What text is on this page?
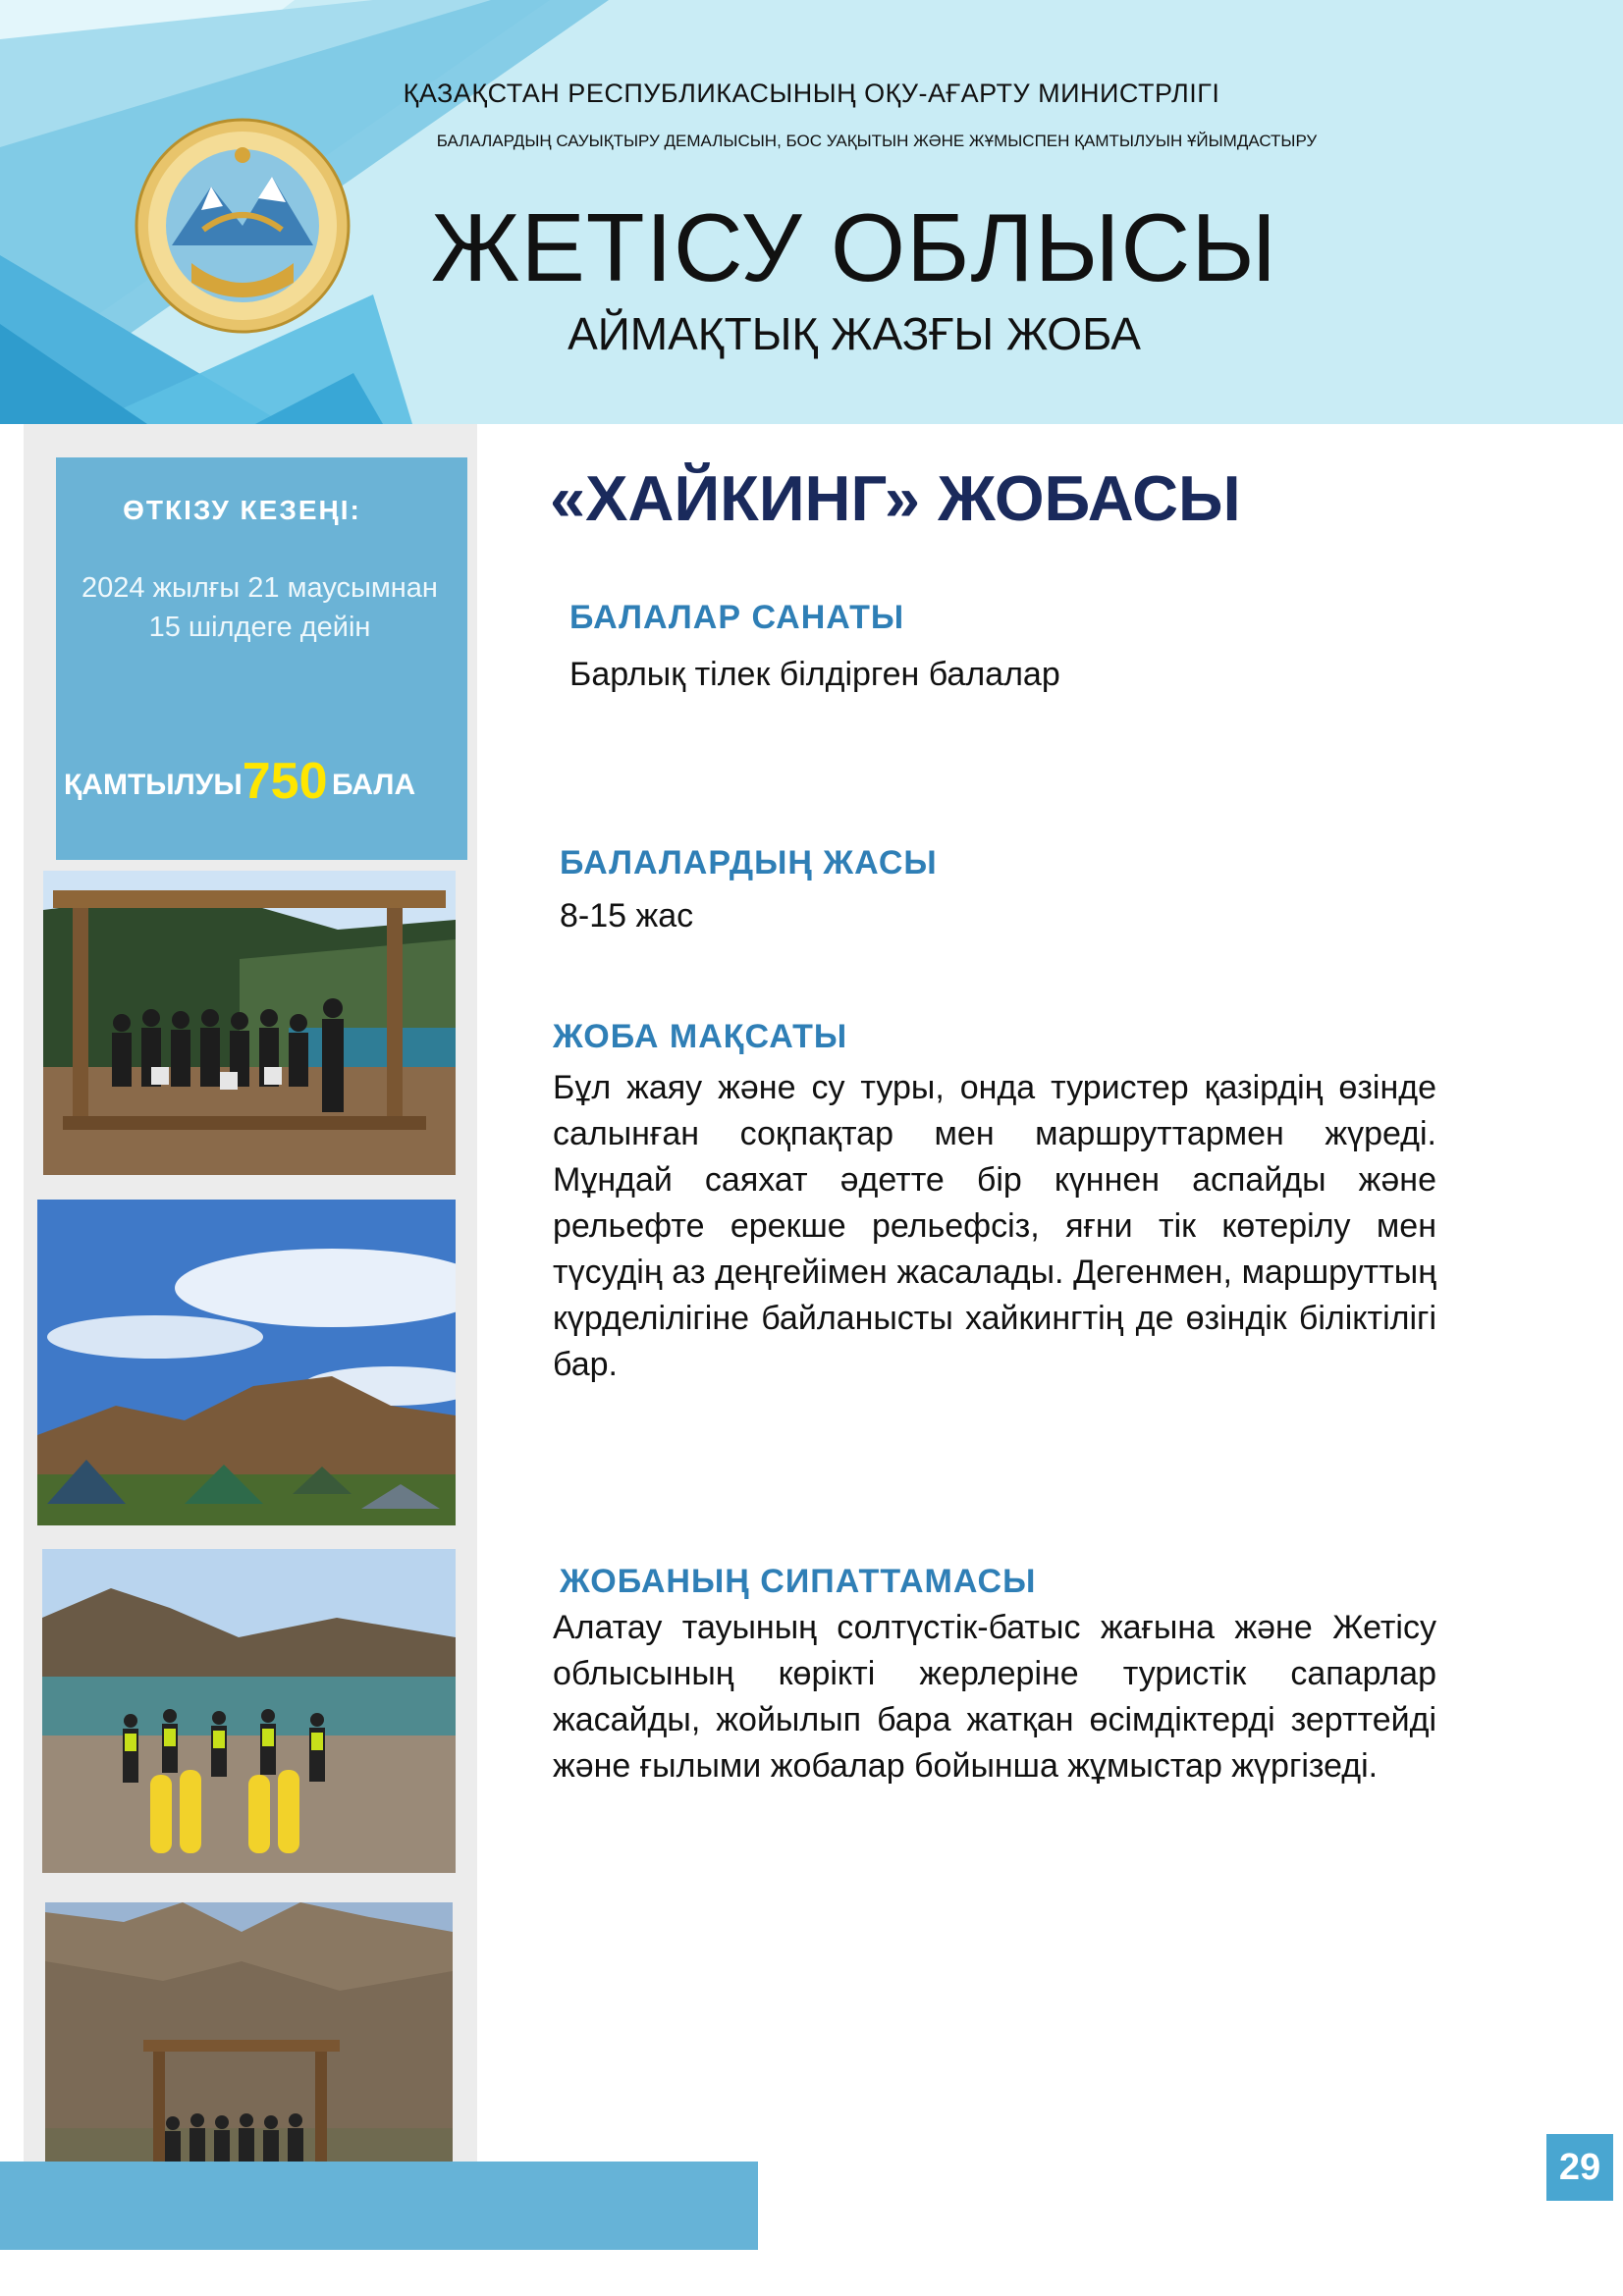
ҚАЗАҚСТАН РЕСПУБЛИКАСЫНЫҢ ОҚУ-АҒАРТУ МИНИСТРЛІГІ
БАЛАЛАРДЫҢ САУЫҚТЫРУ ДЕМАЛЫСЫН, БОС УАҚЫТЫН ЖӘНЕ ЖҰМЫСПЕН ҚАМТЫЛУЫН ҰЙЫМДАСТЫРУ
ЖЕТІСУ ОБЛЫСЫ
АЙМАҚТЫҚ ЖАЗҒЫ ЖОБА
ӨТКІЗУ КЕЗЕҢІ:
2024 жылғы 21 маусымнан
15 шілдеге дейін
ҚАМТЫЛУЫ750 БАЛА
«ХАЙКИНГ» ЖОБАСЫ
БАЛАЛАР САНАТЫ
Барлық тілек білдірген балалар
БАЛАЛАРДЫҢ ЖАСЫ
8-15 жас
ЖОБА МАҚСАТЫ
Бұл жаяу және су туры, онда туристер қазірдің өзінде салынған соқпақтар мен маршруттармен жүреді. Мұндай саяхат әдетте бір күннен аспайды және рельефте ерекше рельефсіз, яғни тік көтерілу мен түсудің аз деңгейімен жасалады. Дегенмен, маршруттың күрделілігіне байланысты хайкингтің де өзіндік біліктілігі бар.
ЖОБАНЫҢ СИПАТТАМАСЫ
Алатау тауының солтүстік-батыс жағына және Жетісу облысының көрікті жерлеріне туристік сапарлар жасайды, жойылып бара жатқан өсімдіктерді зерттейді және ғылыми жобалар бойынша жұмыстар жүргізеді.
29
